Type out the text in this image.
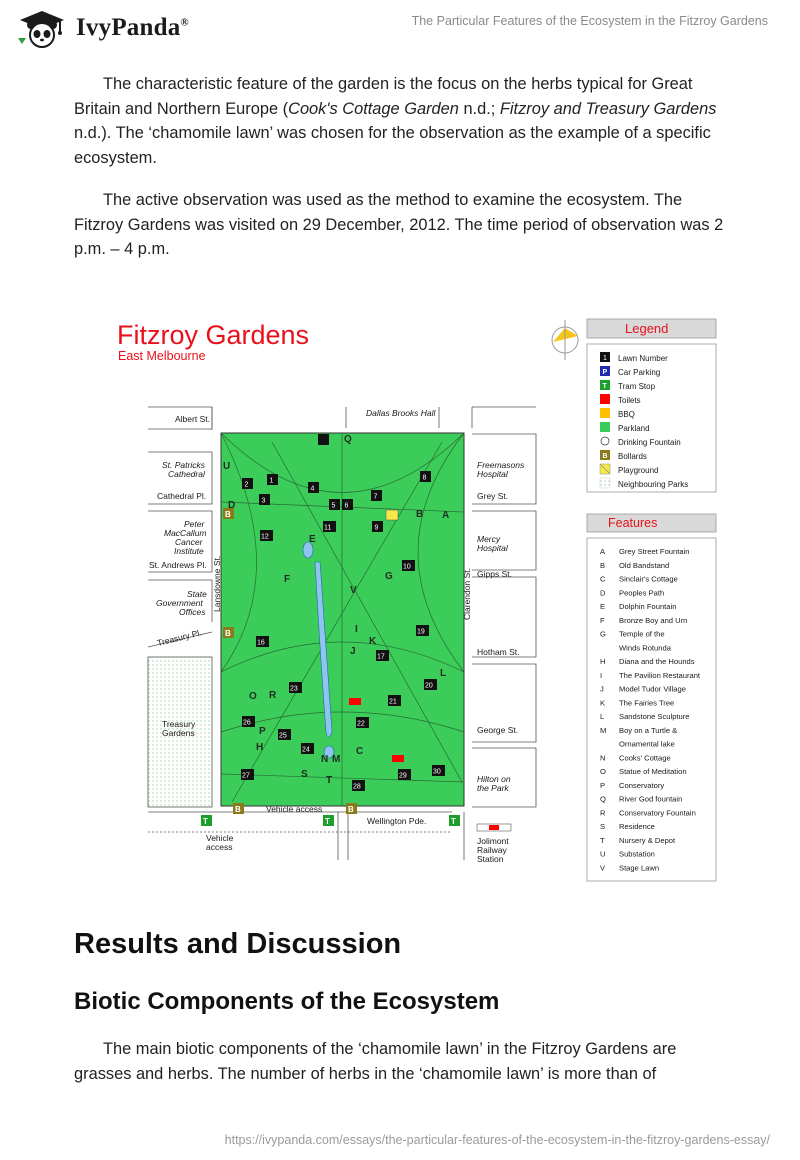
IvyPanda®	The Particular Features of the Ecosystem in the Fitzroy Gardens

The characteristic feature of the garden is the focus on the herbs typical for Great Britain and Northern Europe (Cook's Cottage Garden n.d.; Fitzroy and Treasury Gardens n.d.). The ‘chamomile lawn’ was chosen for the observation as the example of a specific ecosystem.

The active observation was used as the method to examine the ecosystem. The Fitzroy Gardens was visited on 29 December, 2012. The time period of observation was 2 p.m. – 4 p.m.

Fitzroy Gardens
East Melbourne
B
B
B	B
T	T	T
1
2
3
4
5 6
7
8
9
10
11
12
16
17
19
20
21
22
23
24
25
26
27
28
29
30
A
B
C
D
E
F	G
H
I
J
K
L
M
N
O
P
Q
R
S
T
U
V
Albert St.
Dallas Brooks Hall
St. Patricks
Cathedral
Cathedral Pl.
Peter
MacCallum
Cancer
Institute
St. Andrews Pl.
State
Government
Offices
Treasury Pl.
Treasury
Gardens
Lansdowne St.
Freemasons
Hospital
Grey St.
Mercy
Hospital
Gipps St.
Clarendon St.
Hotham St.
George St.
Hilton on
the Park
Wellington Pde.
Vehicle access
Vehicle
access
Jolimont
Railway
Station
Legend
1 Lawn Number
P Car Parking
T Tram Stop
Toilets
BBQ
Parkland
Drinking Fountain
B Bollards
Playground
Neighbouring Parks
Features
A Grey Street Fountain
B Old Bandstand
C Sinclair's Cottage
D Peoples Path
E Dolphin Fountain
F Bronze Boy and Urn
G Temple of the
Winds Rotunda
H Diana and the Hounds
I The Pavilion Restaurant
J Model Tudor Village
K The Fairies Tree
L Sandstone Sculpture
M Boy on a Turtle &
Ornamental lake
N Cooks' Cottage
O Statue of Meditation
P Conservatory
Q River God fountain
R Conservatory Fountain
S Residence
T Nursery & Depot
U Substation
V Stage Lawn
Results and Discussion
Biotic Components of the Ecosystem

The main biotic components of the ‘chamomile lawn’ in the Fitzroy Gardens are grasses and herbs. The number of herbs in the ‘chamomile lawn’ is more than of

https://ivypanda.com/essays/the-particular-features-of-the-ecosystem-in-the-fitzroy-gardens-essay/
